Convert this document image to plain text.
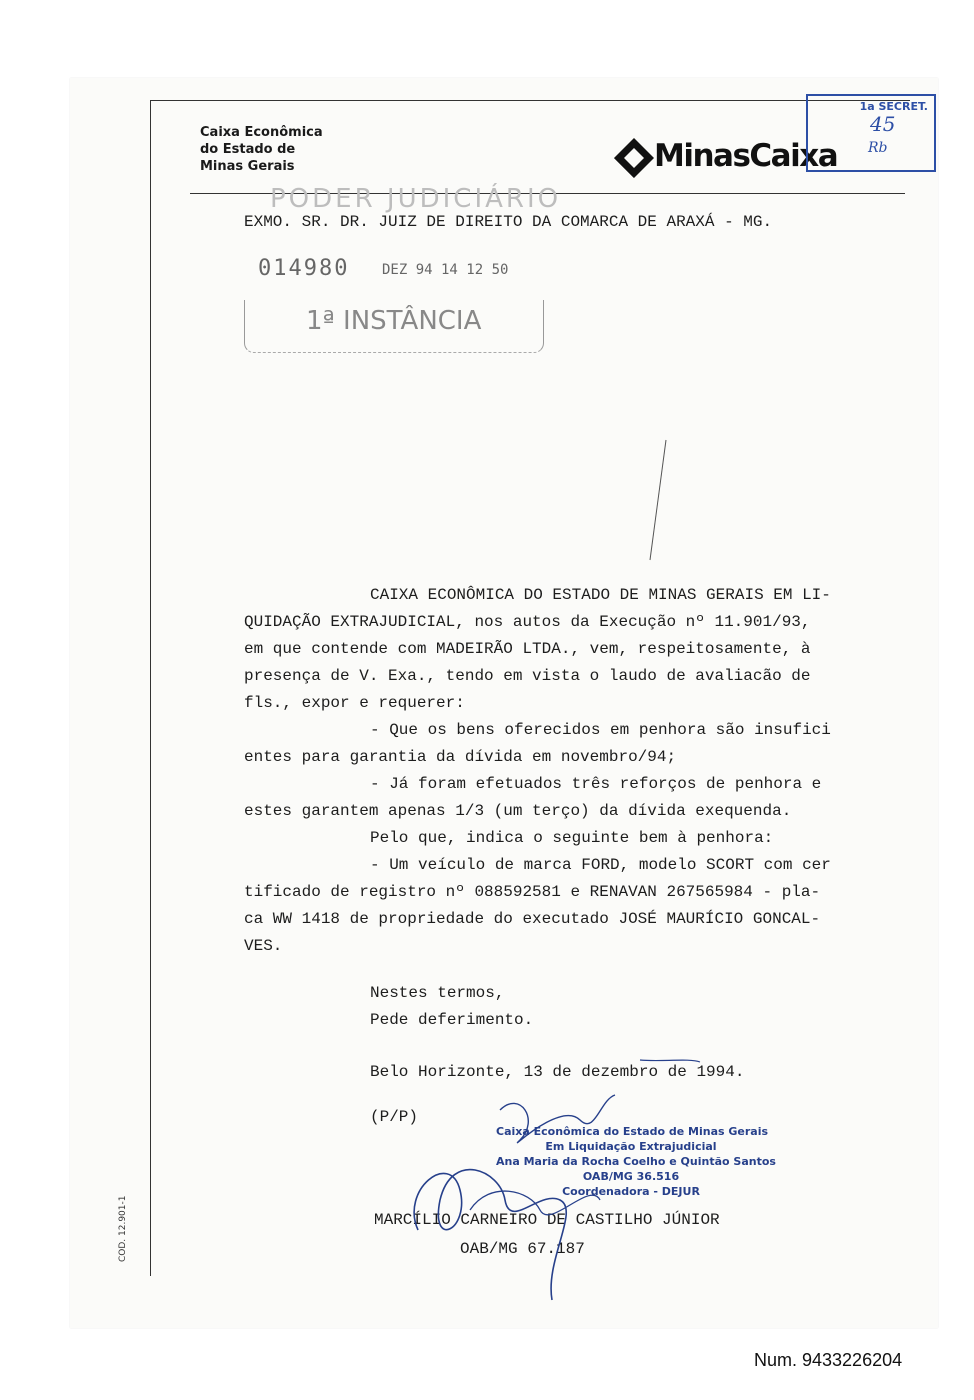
Caixa Econômica
do Estado de
Minas Gerais	MinasCaixa
1a SECRET.
45
Rb
PODER JUDICIÁRIO
EXMO. SR. DR. JUIZ DE DIREITO DA COMARCA DE ARAXÁ - MG.
014980 DEZ 94 14 12 50
1ª INSTÂNCIA
CAIXA ECONÔMICA DO ESTADO DE MINAS GERAIS EM LI-
QUIDAÇÃO EXTRAJUDICIAL, nos autos da Execução nº 11.901/93,
em que contende com MADEIRÃO LTDA., vem, respeitosamente, à
presença de V. Exa., tendo em vista o laudo de avaliacão de
fls., expor e requerer:
- Que os bens oferecidos em penhora são insufici
entes para garantia da dívida em novembro/94;
- Já foram efetuados três reforços de penhora e
estes garantem apenas 1/3 (um terço) da dívida exequenda.
Pelo que, indica o seguinte bem à penhora:
- Um veículo de marca FORD, modelo SCORT com cer
tificado de registro nº 088592581 e RENAVAN 267565984 - pla-
ca WW 1418 de propriedade do executado JOSÉ MAURÍCIO GONCAL-
VES.
Nestes termos,
Pede deferimento.
Belo Horizonte, 13 de dezembro de 1994.
(P/P)
Caixa Econômica do Estado de Minas Gerais
Em Liquidação Extrajudicial
Ana Maria da Rocha Coelho e Quintão Santos
OAB/MG 36.516
Coordenadora - DEJUR
MARCÍLIO CARNEIRO DE CASTILHO JÚNIOR
OAB/MG 67.187
COD. 12.901-1
Num. 9433226204
